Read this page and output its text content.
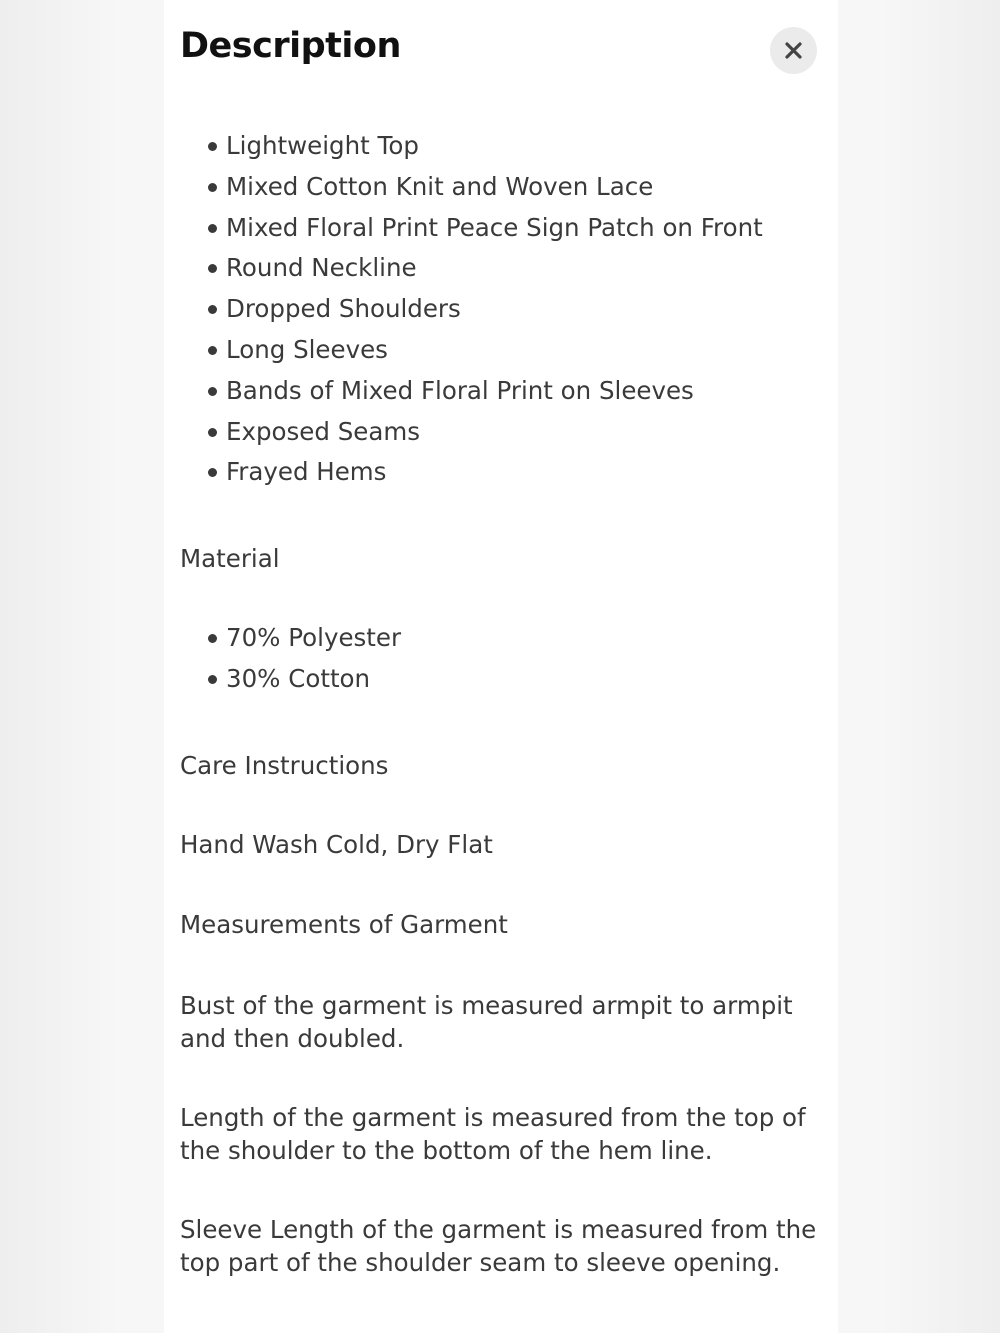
Description
Lightweight Top
Mixed Cotton Knit and Woven Lace
Mixed Floral Print Peace Sign Patch on Front
Round Neckline
Dropped Shoulders
Long Sleeves
Bands of Mixed Floral Print on Sleeves
Exposed Seams
Frayed Hems

Material

70% Polyester
30% Cotton

Care Instructions

Hand Wash Cold, Dry Flat

Measurements of Garment

Bust of the garment is measured armpit to armpit and then doubled.

Length of the garment is measured from the top of the shoulder to the bottom of the hem line.

Sleeve Length of the garment is measured from the top part of the shoulder seam to sleeve opening.
